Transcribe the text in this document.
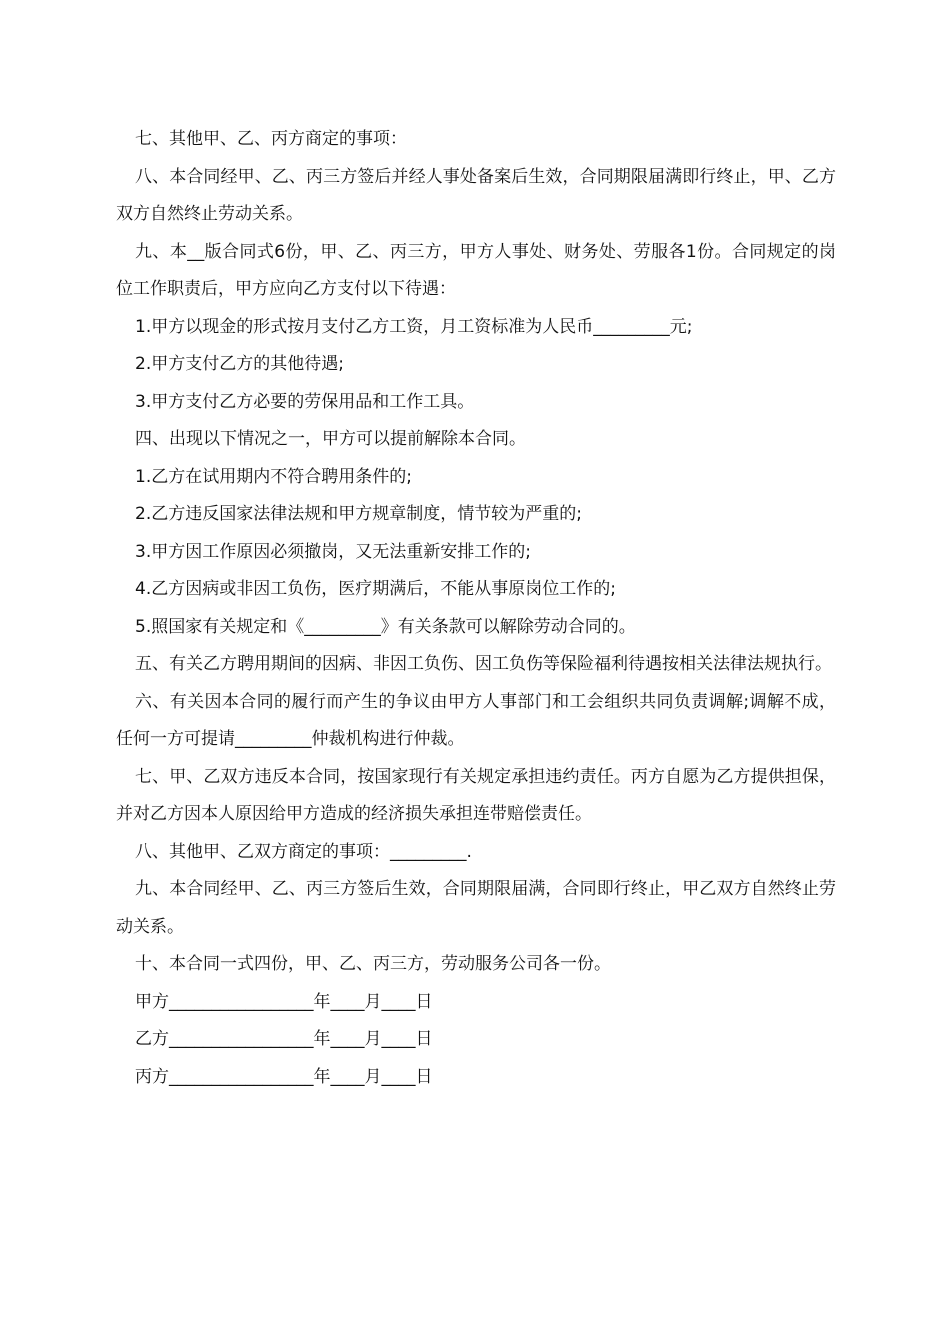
七、其他甲、乙、丙方商定的事项：

八、本合同经甲、乙、丙三方签后并经人事处备案后生效，合同期限届满即行终止，甲、乙方双方自然终止劳动关系。

九、本__版合同式6份，甲、乙、丙三方，甲方人事处、财务处、劳服各1份。合同规定的岗位工作职责后，甲方应向乙方支付以下待遇：

1.甲方以现金的形式按月支付乙方工资，月工资标准为人民币_________元;

2.甲方支付乙方的其他待遇;

3.甲方支付乙方必要的劳保用品和工作工具。

四、出现以下情况之一，甲方可以提前解除本合同。

1.乙方在试用期内不符合聘用条件的;

2.乙方违反国家法律法规和甲方规章制度，情节较为严重的;

3.甲方因工作原因必须撤岗，又无法重新安排工作的;

4.乙方因病或非因工负伤，医疗期满后，不能从事原岗位工作的;

5.照国家有关规定和《_________》有关条款可以解除劳动合同的。

五、有关乙方聘用期间的因病、非因工负伤、因工负伤等保险福利待遇按相关法律法规执行。

六、有关因本合同的履行而产生的争议由甲方人事部门和工会组织共同负责调解;调解不成，任何一方可提请_________仲裁机构进行仲裁。

七、甲、乙双方违反本合同，按国家现行有关规定承担违约责任。丙方自愿为乙方提供担保，并对乙方因本人原因给甲方造成的经济损失承担连带赔偿责任。

八、其他甲、乙双方商定的事项：_________.

九、本合同经甲、乙、丙三方签后生效，合同期限届满，合同即行终止，甲乙双方自然终止劳动关系。

十、本合同一式四份，甲、乙、丙三方，劳动服务公司各一份。

甲方_________________年____月____日

乙方_________________年____月____日

丙方_________________年____月____日
